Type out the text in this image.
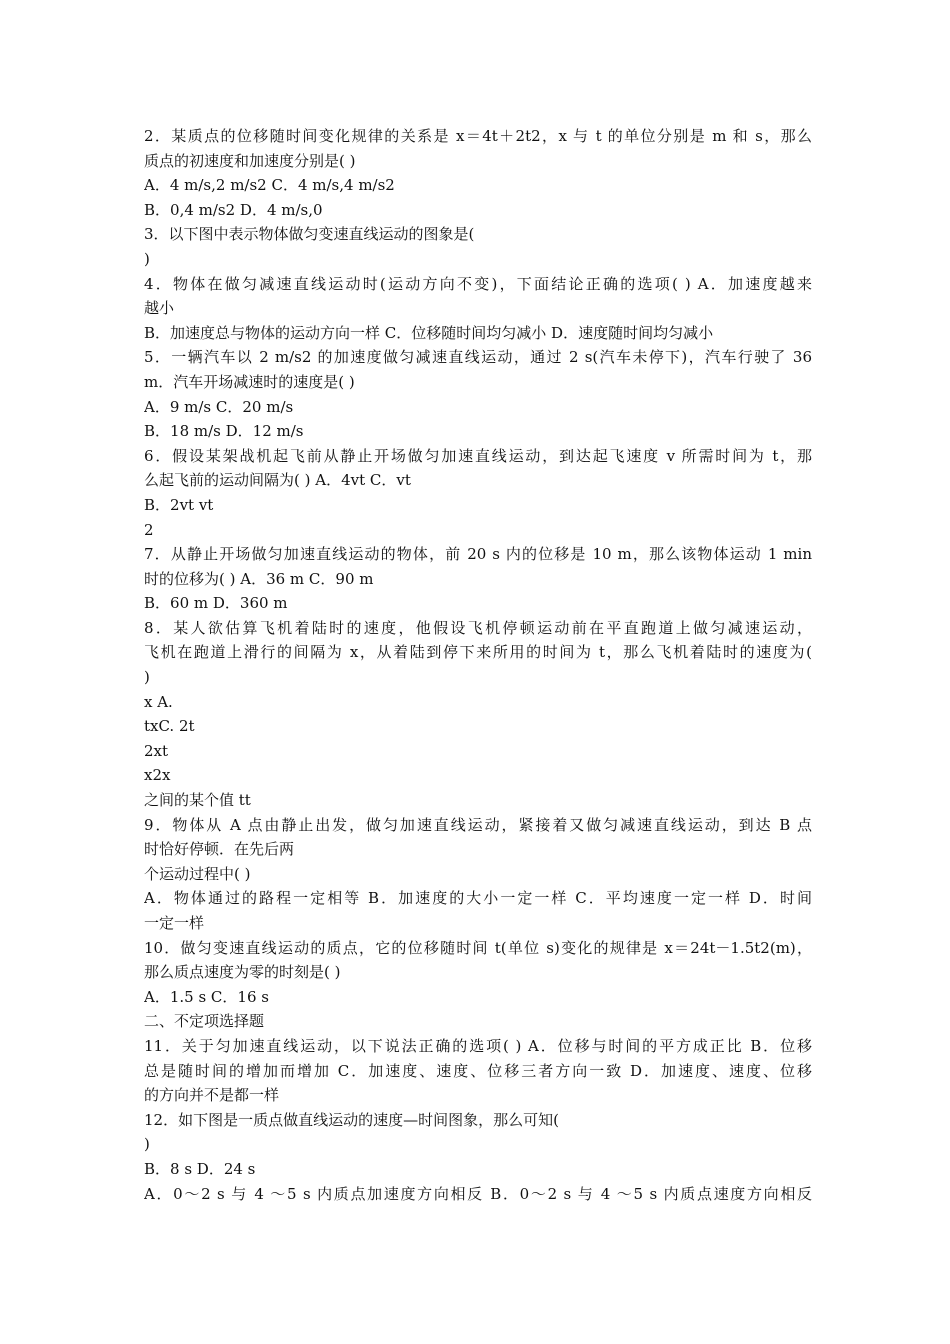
2．某质点的位移随时间变化规律的关系是 x＝4t＋2t2，x 与 t 的单位分别是 m 和 s，那么
质点的初速度和加速度分别是( )
A．4 m/s,2 m/s2 C．4 m/s,4 m/s2
B．0,4 m/s2 D．4 m/s,0
3．以下图中表示物体做匀变速直线运动的图象是(
)
4．物体在做匀减速直线运动时(运动方向不变)，下面结论正确的选项( ) A．加速度越来
越小
B．加速度总与物体的运动方向一样 C．位移随时间均匀减小 D．速度随时间均匀减小
5．一辆汽车以 2 m/s2 的加速度做匀减速直线运动，通过 2 s(汽车未停下)，汽车行驶了 36
m．汽车开场减速时的速度是( )
A．9 m/s C．20 m/s
B．18 m/s D．12 m/s
6．假设某架战机起飞前从静止开场做匀加速直线运动，到达起飞速度 v 所需时间为 t，那
么起飞前的运动间隔为( ) A．4vt C．vt
B．2vt vt
2
7．从静止开场做匀加速直线运动的物体，前 20 s 内的位移是 10 m，那么该物体运动 1 min
时的位移为( ) A．36 m C．90 m
B．60 m D．360 m
8．某人欲估算飞机着陆时的速度，他假设飞机停顿运动前在平直跑道上做匀减速运动，
飞机在跑道上滑行的间隔为 x，从着陆到停下来所用的时间为 t，那么飞机着陆时的速度为(
)
x A.
txC. 2t
2xt
x2x
之间的某个值 tt
9．物体从 A 点由静止出发，做匀加速直线运动，紧接着又做匀减速直线运动，到达 B 点
时恰好停顿．在先后两
个运动过程中( )
A．物体通过的路程一定相等 B．加速度的大小一定一样 C．平均速度一定一样 D．时间
一定一样
10．做匀变速直线运动的质点，它的位移随时间 t(单位 s)变化的规律是 x＝24t－1.5t2(m)，
那么质点速度为零的时刻是( )
A．1.5 s C．16 s
二、不定项选择题
11．关于匀加速直线运动，以下说法正确的选项( ) A．位移与时间的平方成正比 B．位移
总是随时间的增加而增加 C．加速度、速度、位移三者方向一致 D．加速度、速度、位移
的方向并不是都一样
12．如下图是一质点做直线运动的速度—时间图象，那么可知(
)
B．8 s D．24 s
A．0～2 s 与 4 ～5 s 内质点加速度方向相反 B．0～2 s 与 4 ～5 s 内质点速度方向相反
